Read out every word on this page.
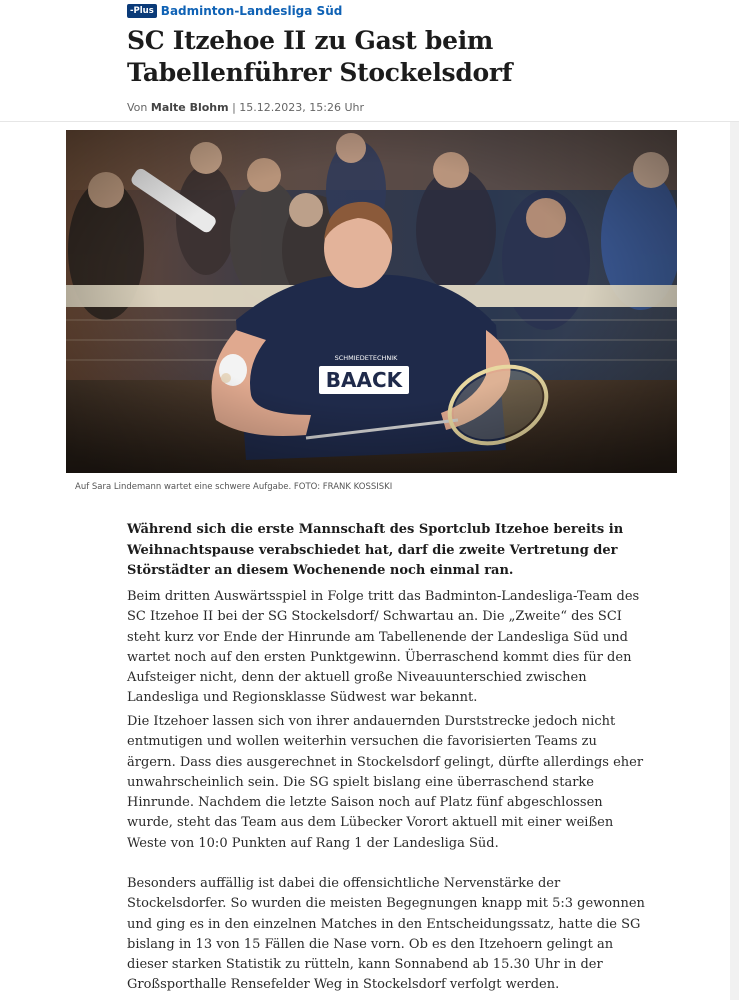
-Plus Badminton-Landesliga Süd
SC Itzehoe II zu Gast beim
Tabellenführer Stockelsdorf
Von Malte Blohm | 15.12.2023, 15:26 Uhr
Auf Sara Lindemann wartet eine schwere Aufgabe. FOTO: FRANK KOSSISKI
Während sich die erste Mannschaft des Sportclub Itzehoe bereits in
Weihnachtspause verabschiedet hat, darf die zweite Vertretung der
Störstädter an diesem Wochenende noch einmal ran.
Beim dritten Auswärtsspiel in Folge tritt das Badminton-Landesliga-Team des
SC Itzehoe II bei der SG Stockelsdorf/ Schwartau an. Die „Zweite“ des SCI
steht kurz vor Ende der Hinrunde am Tabellenende der Landesliga Süd und
wartet noch auf den ersten Punktgewinn. Überraschend kommt dies für den
Aufsteiger nicht, denn der aktuell große Niveauunterschied zwischen
Landesliga und Regionsklasse Südwest war bekannt.
Die Itzehoer lassen sich von ihrer andauernden Durststrecke jedoch nicht
entmutigen und wollen weiterhin versuchen die favorisierten Teams zu
ärgern. Dass dies ausgerechnet in Stockelsdorf gelingt, dürfte allerdings eher
unwahrscheinlich sein. Die SG spielt bislang eine überraschend starke
Hinrunde. Nachdem die letzte Saison noch auf Platz fünf abgeschlossen
wurde, steht das Team aus dem Lübecker Vorort aktuell mit einer weißen
Weste von 10:0 Punkten auf Rang 1 der Landesliga Süd.
Besonders auffällig ist dabei die offensichtliche Nervenstärke der
Stockelsdorfer. So wurden die meisten Begegnungen knapp mit 5:3 gewonnen
und ging es in den einzelnen Matches in den Entscheidungssatz, hatte die SG
bislang in 13 von 15 Fällen die Nase vorn. Ob es den Itzehoern gelingt an
dieser starken Statistik zu rütteln, kann Sonnabend ab 15.30 Uhr in der
Großsporthalle Rensefelder Weg in Stockelsdorf verfolgt werden.
